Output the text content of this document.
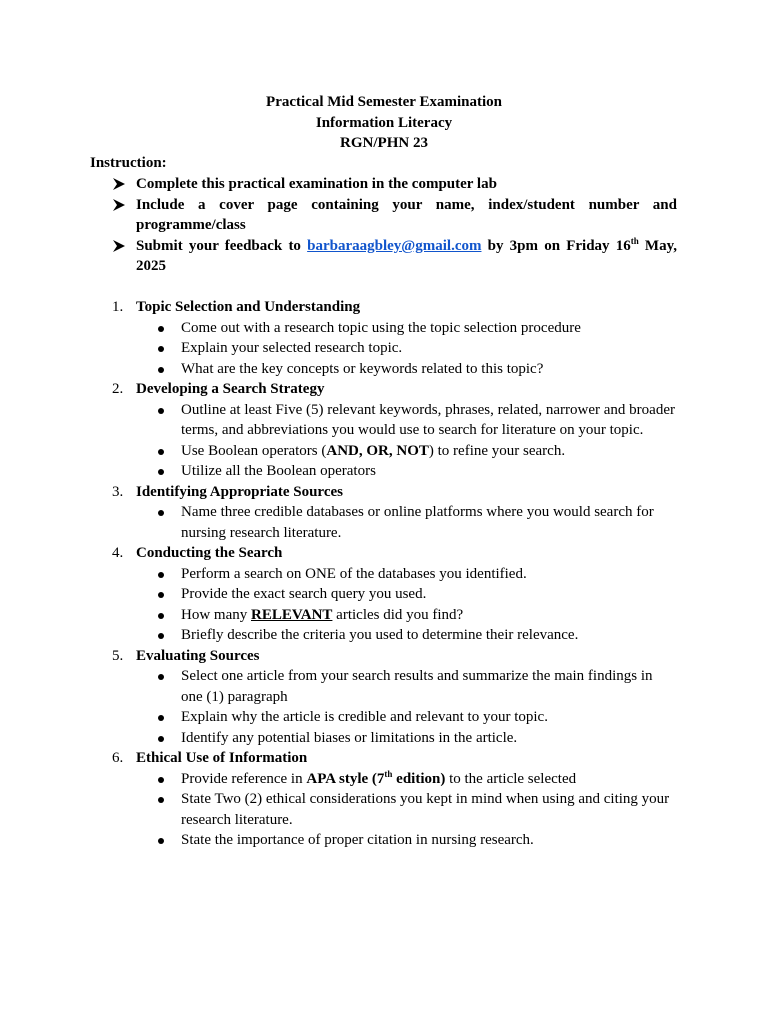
Practical Mid Semester Examination
Information Literacy
RGN/PHN 23
Instruction:
Complete this practical examination in the computer lab
Include a cover page containing your name, index/student number and programme/class
Submit your feedback to barbaraagbley@gmail.com by 3pm on Friday 16th May, 2025
1. Topic Selection and Understanding
Come out with a research topic using the topic selection procedure
Explain your selected research topic.
What are the key concepts or keywords related to this topic?
2. Developing a Search Strategy
Outline at least Five (5) relevant keywords, phrases, related, narrower and broader terms, and abbreviations you would use to search for literature on your topic.
Use Boolean operators (AND, OR, NOT) to refine your search.
Utilize all the Boolean operators
3. Identifying Appropriate Sources
Name three credible databases or online platforms where you would search for nursing research literature.
4. Conducting the Search
Perform a search on ONE of the databases you identified.
Provide the exact search query you used.
How many RELEVANT articles did you find?
Briefly describe the criteria you used to determine their relevance.
5. Evaluating Sources
Select one article from your search results and summarize the main findings in one (1) paragraph
Explain why the article is credible and relevant to your topic.
Identify any potential biases or limitations in the article.
6. Ethical Use of Information
Provide reference in APA style (7th edition) to the article selected
State Two (2) ethical considerations you kept in mind when using and citing your research literature.
State the importance of proper citation in nursing research.
